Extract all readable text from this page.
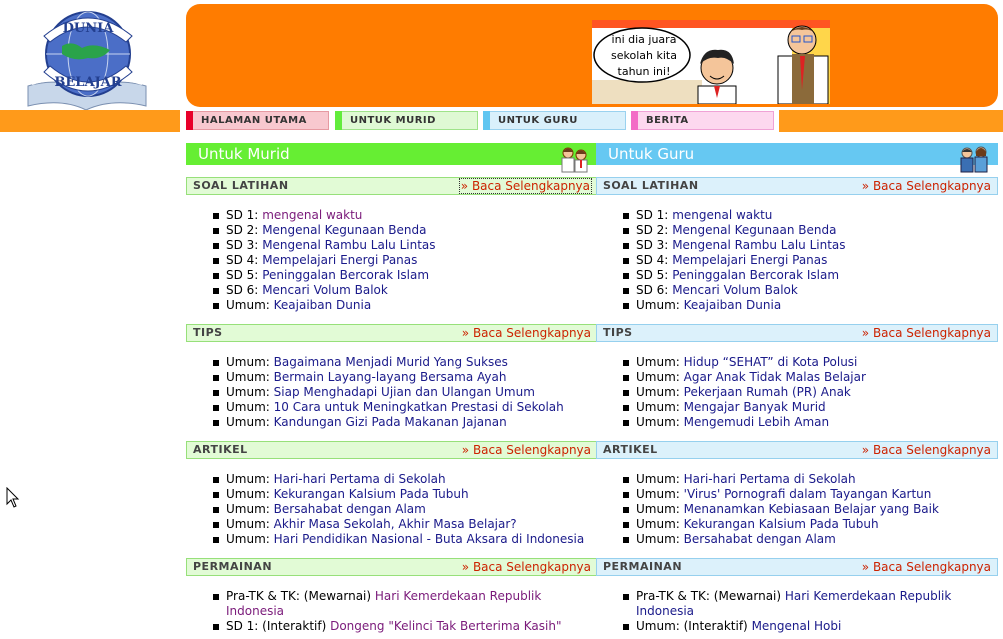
DUNIA
BELAJAR
ini dia juara sekolah kita tahun ini!
HALAMAN UTAMA	UNTUK MURID	UNTUK GURU	BERITA
Untuk Murid
SOAL LATIHAN	» Baca Selengkapnya
SD 1: mengenal waktu
SD 2: Mengenal Kegunaan Benda
SD 3: Mengenal Rambu Lalu Lintas
SD 4: Mempelajari Energi Panas
SD 5: Peninggalan Bercorak Islam
SD 6: Mencari Volum Balok
Umum: Keajaiban Dunia
TIPS	» Baca Selengkapnya
Umum: Bagaimana Menjadi Murid Yang Sukses
Umum: Bermain Layang-layang Bersama Ayah
Umum: Siap Menghadapi Ujian dan Ulangan Umum
Umum: 10 Cara untuk Meningkatkan Prestasi di Sekolah
Umum: Kandungan Gizi Pada Makanan Jajanan
ARTIKEL	» Baca Selengkapnya
Umum: Hari-hari Pertama di Sekolah
Umum: Kekurangan Kalsium Pada Tubuh
Umum: Bersahabat dengan Alam
Umum: Akhir Masa Sekolah, Akhir Masa Belajar?
Umum: Hari Pendidikan Nasional - Buta Aksara di Indonesia
PERMAINAN	» Baca Selengkapnya
Pra-TK & TK: (Mewarnai) Hari Kemerdekaan Republik Indonesia
SD 1: (Interaktif) Dongeng "Kelinci Tak Berterima Kasih"
Untuk Guru
SOAL LATIHAN	» Baca Selengkapnya
SD 1: mengenal waktu
SD 2: Mengenal Kegunaan Benda
SD 3: Mengenal Rambu Lalu Lintas
SD 4: Mempelajari Energi Panas
SD 5: Peninggalan Bercorak Islam
SD 6: Mencari Volum Balok
Umum: Keajaiban Dunia
TIPS	» Baca Selengkapnya
Umum: Hidup “SEHAT” di Kota Polusi
Umum: Agar Anak Tidak Malas Belajar
Umum: Pekerjaan Rumah (PR) Anak
Umum: Mengajar Banyak Murid
Umum: Mengemudi Lebih Aman
ARTIKEL	» Baca Selengkapnya
Umum: Hari-hari Pertama di Sekolah
Umum: 'Virus' Pornografi dalam Tayangan Kartun
Umum: Menanamkan Kebiasaan Belajar yang Baik
Umum: Kekurangan Kalsium Pada Tubuh
Umum: Bersahabat dengan Alam
PERMAINAN	» Baca Selengkapnya
Pra-TK & TK: (Mewarnai) Hari Kemerdekaan Republik Indonesia
Umum: (Interaktif) Mengenal Hobi
